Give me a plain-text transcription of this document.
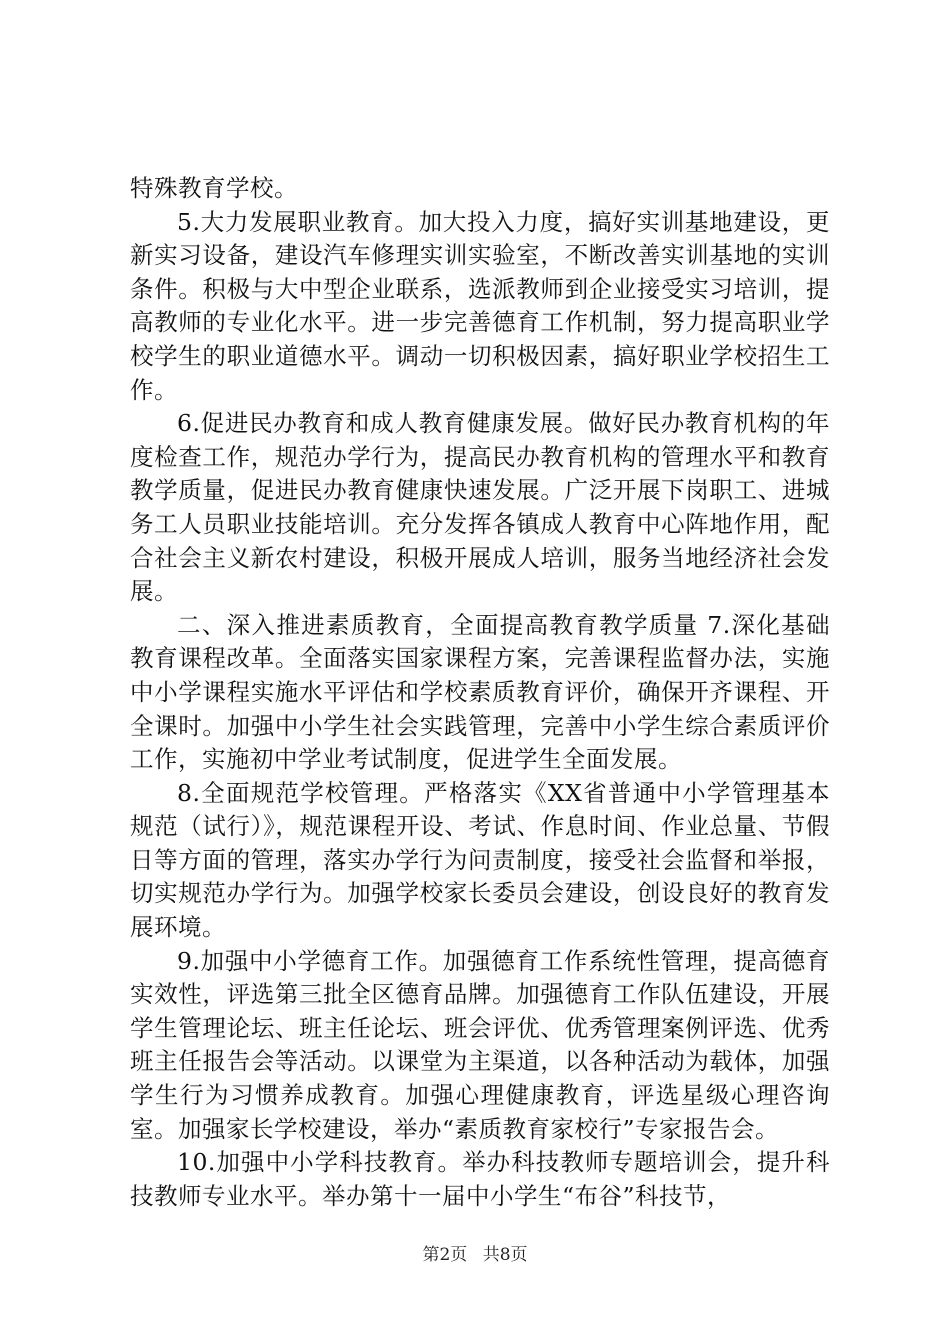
特殊教育学校。

5.大力发展职业教育。加大投入力度，搞好实训基地建设，更新实习设备，建设汽车修理实训实验室，不断改善实训基地的实训条件。积极与大中型企业联系，选派教师到企业接受实习培训，提高教师的专业化水平。进一步完善德育工作机制，努力提高职业学校学生的职业道德水平。调动一切积极因素，搞好职业学校招生工作。

6.促进民办教育和成人教育健康发展。做好民办教育机构的年度检查工作，规范办学行为，提高民办教育机构的管理水平和教育教学质量，促进民办教育健康快速发展。广泛开展下岗职工、进城务工人员职业技能培训。充分发挥各镇成人教育中心阵地作用，配合社会主义新农村建设，积极开展成人培训，服务当地经济社会发展。

二、深入推进素质教育，全面提高教育教学质量 7.深化基础教育课程改革。全面落实国家课程方案，完善课程监督办法，实施中小学课程实施水平评估和学校素质教育评价，确保开齐课程、开全课时。加强中小学生社会实践管理，完善中小学生综合素质评价工作，实施初中学业考试制度，促进学生全面发展。

8.全面规范学校管理。严格落实《XX省普通中小学管理基本规范（试行）》，规范课程开设、考试、作息时间、作业总量、节假日等方面的管理，落实办学行为问责制度，接受社会监督和举报，切实规范办学行为。加强学校家长委员会建设，创设良好的教育发展环境。

9.加强中小学德育工作。加强德育工作系统性管理，提高德育实效性，评选第三批全区德育品牌。加强德育工作队伍建设，开展学生管理论坛、班主任论坛、班会评优、优秀管理案例评选、优秀班主任报告会等活动。以课堂为主渠道，以各种活动为载体，加强学生行为习惯养成教育。加强心理健康教育，评选星级心理咨询室。加强家长学校建设，举办“素质教育家校行”专家报告会。

10.加强中小学科技教育。举办科技教师专题培训会，提升科技教师专业水平。举办第十一届中小学生“布谷”科技节，

第2页 共8页
